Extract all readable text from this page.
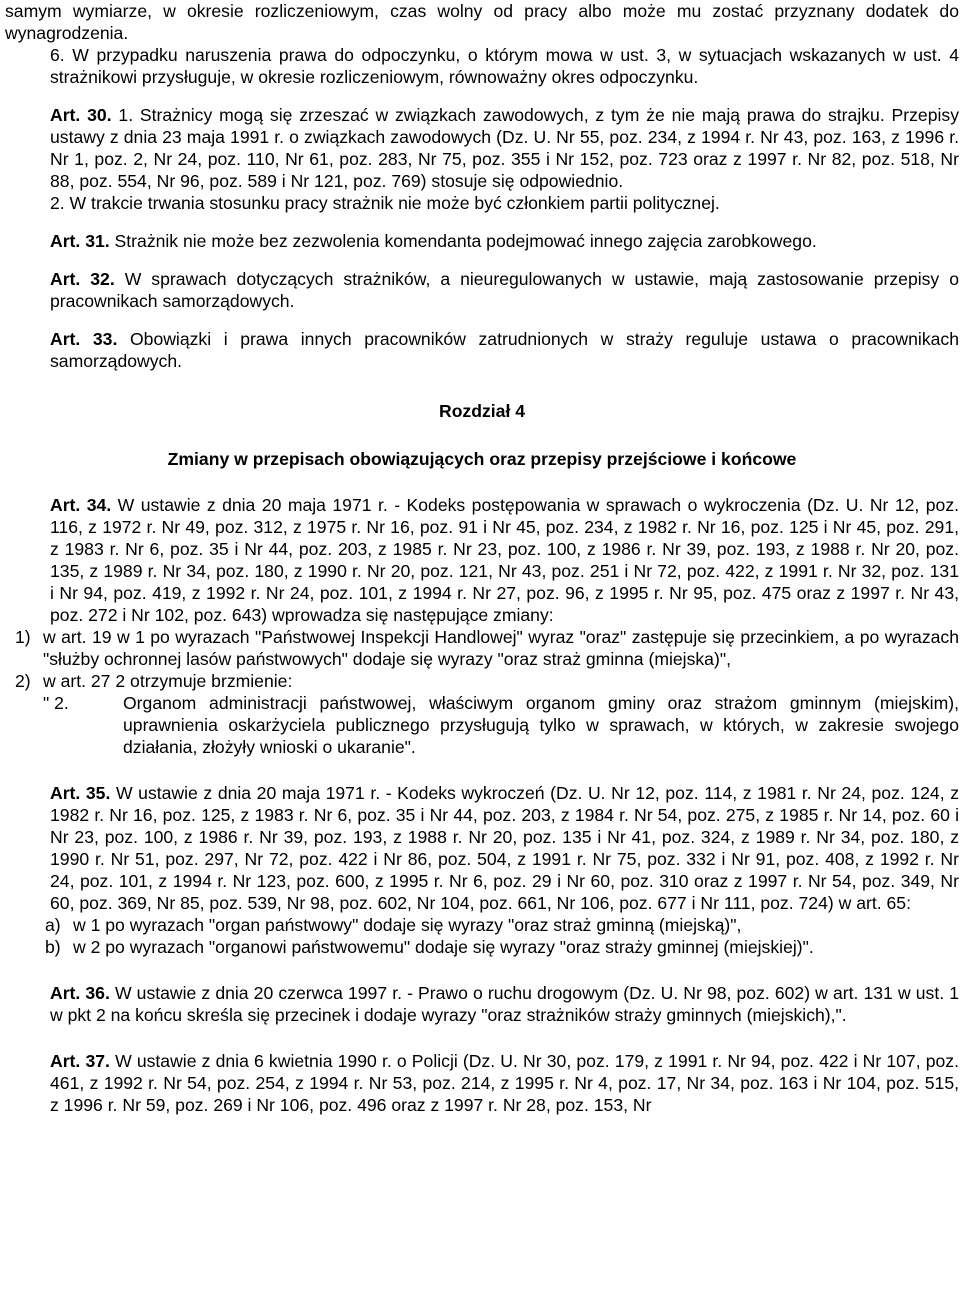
samym wymiarze, w okresie rozliczeniowym, czas wolny od pracy albo może mu zostać przyznany dodatek do wynagrodzenia.

6. W przypadku naruszenia prawa do odpoczynku, o którym mowa w ust. 3, w sytuacjach wskazanych w ust. 4 strażnikowi przysługuje, w okresie rozliczeniowym, równoważny okres odpoczynku.

Art. 30. 1. Strażnicy mogą się zrzeszać w związkach zawodowych, z tym że nie mają prawa do strajku. Przepisy ustawy z dnia 23 maja 1991 r. o związkach zawodowych (Dz. U. Nr 55, poz. 234, z 1994 r. Nr 43, poz. 163, z 1996 r. Nr 1, poz. 2, Nr 24, poz. 110, Nr 61, poz. 283, Nr 75, poz. 355 i Nr 152, poz. 723 oraz z 1997 r. Nr 82, poz. 518, Nr 88, poz. 554, Nr 96, poz. 589 i Nr 121, poz. 769) stosuje się odpowiednio.

2. W trakcie trwania stosunku pracy strażnik nie może być członkiem partii politycznej.

Art. 31. Strażnik nie może bez zezwolenia komendanta podejmować innego zajęcia zarobkowego.

Art. 32. W sprawach dotyczących strażników, a nieuregulowanych w ustawie, mają zastosowanie przepisy o pracownikach samorządowych.

Art. 33. Obowiązki i prawa innych pracowników zatrudnionych w straży reguluje ustawa o pracownikach samorządowych.

Rozdział 4

Zmiany w przepisach obowiązujących oraz przepisy przejściowe i końcowe

Art. 34. W ustawie z dnia 20 maja 1971 r. - Kodeks postępowania w sprawach o wykroczenia (Dz. U. Nr 12, poz. 116, z 1972 r. Nr 49, poz. 312, z 1975 r. Nr 16, poz. 91 i Nr 45, poz. 234, z 1982 r. Nr 16, poz. 125 i Nr 45, poz. 291, z 1983 r. Nr 6, poz. 35 i Nr 44, poz. 203, z 1985 r. Nr 23, poz. 100, z 1986 r. Nr 39, poz. 193, z 1988 r. Nr 20, poz. 135, z 1989 r. Nr 34, poz. 180, z 1990 r. Nr 20, poz. 121, Nr 43, poz. 251 i Nr 72, poz. 422, z 1991 r. Nr 32, poz. 131 i Nr 94, poz. 419, z 1992 r. Nr 24, poz. 101, z 1994 r. Nr 27, poz. 96, z 1995 r. Nr 95, poz. 475 oraz z 1997 r. Nr 43, poz. 272 i Nr 102, poz. 643) wprowadza się następujące zmiany:

1) w art. 19 w 1 po wyrazach "Państwowej Inspekcji Handlowej" wyraz "oraz" zastępuje się przecinkiem, a po wyrazach "służby ochronnej lasów państwowych" dodaje się wyrazy "oraz straż gminna (miejska)",
2) w art. 27 2 otrzymuje brzmienie:
" 2.	Organom administracji państwowej, właściwym organom gminy oraz strażom gminnym (miejskim), uprawnienia oskarżyciela publicznego przysługują tylko w sprawach, w których, w zakresie swojego działania, złożyły wnioski o ukaranie".

Art. 35. W ustawie z dnia 20 maja 1971 r. - Kodeks wykroczeń (Dz. U. Nr 12, poz. 114, z 1981 r. Nr 24, poz. 124, z 1982 r. Nr 16, poz. 125, z 1983 r. Nr 6, poz. 35 i Nr 44, poz. 203, z 1984 r. Nr 54, poz. 275, z 1985 r. Nr 14, poz. 60 i Nr 23, poz. 100, z 1986 r. Nr 39, poz. 193, z 1988 r. Nr 20, poz. 135 i Nr 41, poz. 324, z 1989 r. Nr 34, poz. 180, z 1990 r. Nr 51, poz. 297, Nr 72, poz. 422 i Nr 86, poz. 504, z 1991 r. Nr 75, poz. 332 i Nr 91, poz. 408, z 1992 r. Nr 24, poz. 101, z 1994 r. Nr 123, poz. 600, z 1995 r. Nr 6, poz. 29 i Nr 60, poz. 310 oraz z 1997 r. Nr 54, poz. 349, Nr 60, poz. 369, Nr 85, poz. 539, Nr 98, poz. 602, Nr 104, poz. 661, Nr 106, poz. 677 i Nr 111, poz. 724) w art. 65:

a) w 1 po wyrazach "organ państwowy" dodaje się wyrazy "oraz straż gminną (miejską)",
b) w 2 po wyrazach "organowi państwowemu" dodaje się wyrazy "oraz straży gminnej (miejskiej)".

Art. 36. W ustawie z dnia 20 czerwca 1997 r. - Prawo o ruchu drogowym (Dz. U. Nr 98, poz. 602) w art. 131 w ust. 1 w pkt 2 na końcu skreśla się przecinek i dodaje wyrazy "oraz strażników straży gminnych (miejskich),".

Art. 37. W ustawie z dnia 6 kwietnia 1990 r. o Policji (Dz. U. Nr 30, poz. 179, z 1991 r. Nr 94, poz. 422 i Nr 107, poz. 461, z 1992 r. Nr 54, poz. 254, z 1994 r. Nr 53, poz. 214, z 1995 r. Nr 4, poz. 17, Nr 34, poz. 163 i Nr 104, poz. 515, z 1996 r. Nr 59, poz. 269 i Nr 106, poz. 496 oraz z 1997 r. Nr 28, poz. 153, Nr
